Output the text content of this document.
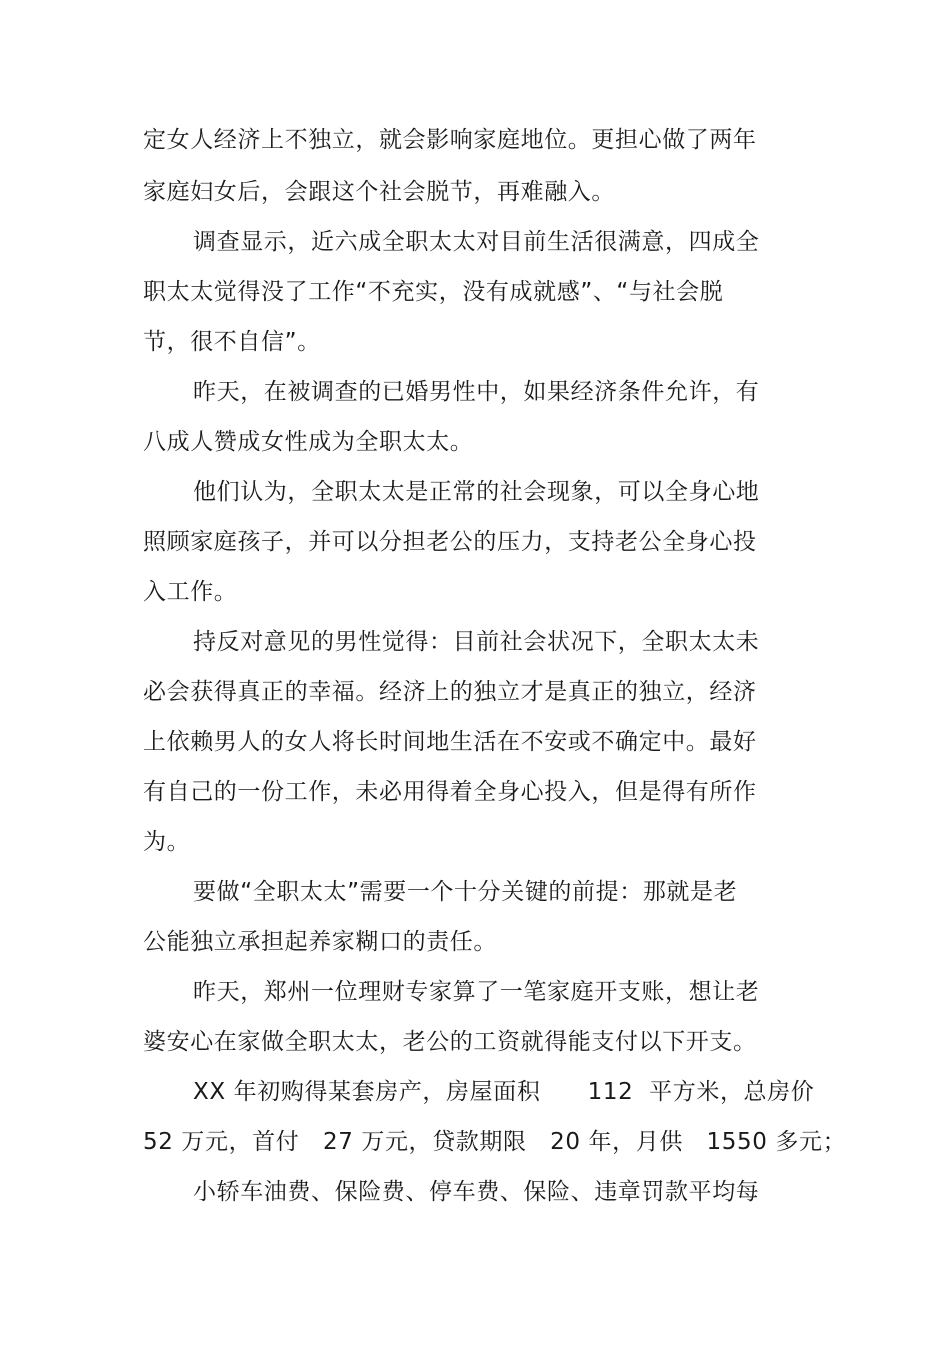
定女人经济上不独立，就会影响家庭地位。更担心做了两年
家庭妇女后，会跟这个社会脱节，再难融入。
调查显示，近六成全职太太对目前生活很满意，四成全
职太太觉得没了工作“不充实，没有成就感”、“与社会脱
节，很不自信”。
昨天，在被调查的已婚男性中，如果经济条件允许，有
八成人赞成女性成为全职太太。
他们认为，全职太太是正常的社会现象，可以全身心地
照顾家庭孩子，并可以分担老公的压力，支持老公全身心投
入工作。
持反对意见的男性觉得：目前社会状况下，全职太太未
必会获得真正的幸福。经济上的独立才是真正的独立，经济
上依赖男人的女人将长时间地生活在不安或不确定中。最好
有自己的一份工作，未必用得着全身心投入，但是得有所作
为。
要做“全职太太”需要一个十分关键的前提：那就是老
公能独立承担起养家糊口的责任。
昨天，郑州一位理财专家算了一笔家庭开支账，想让老
婆安心在家做全职太太，老公的工资就得能支付以下开支。
XX 年初购得某套房产，房屋面积　　112  平方米，总房价
52 万元，首付　27 万元，贷款期限　20 年，月供　1550 多元；
小轿车油费、保险费、停车费、保险、违章罚款平均每
